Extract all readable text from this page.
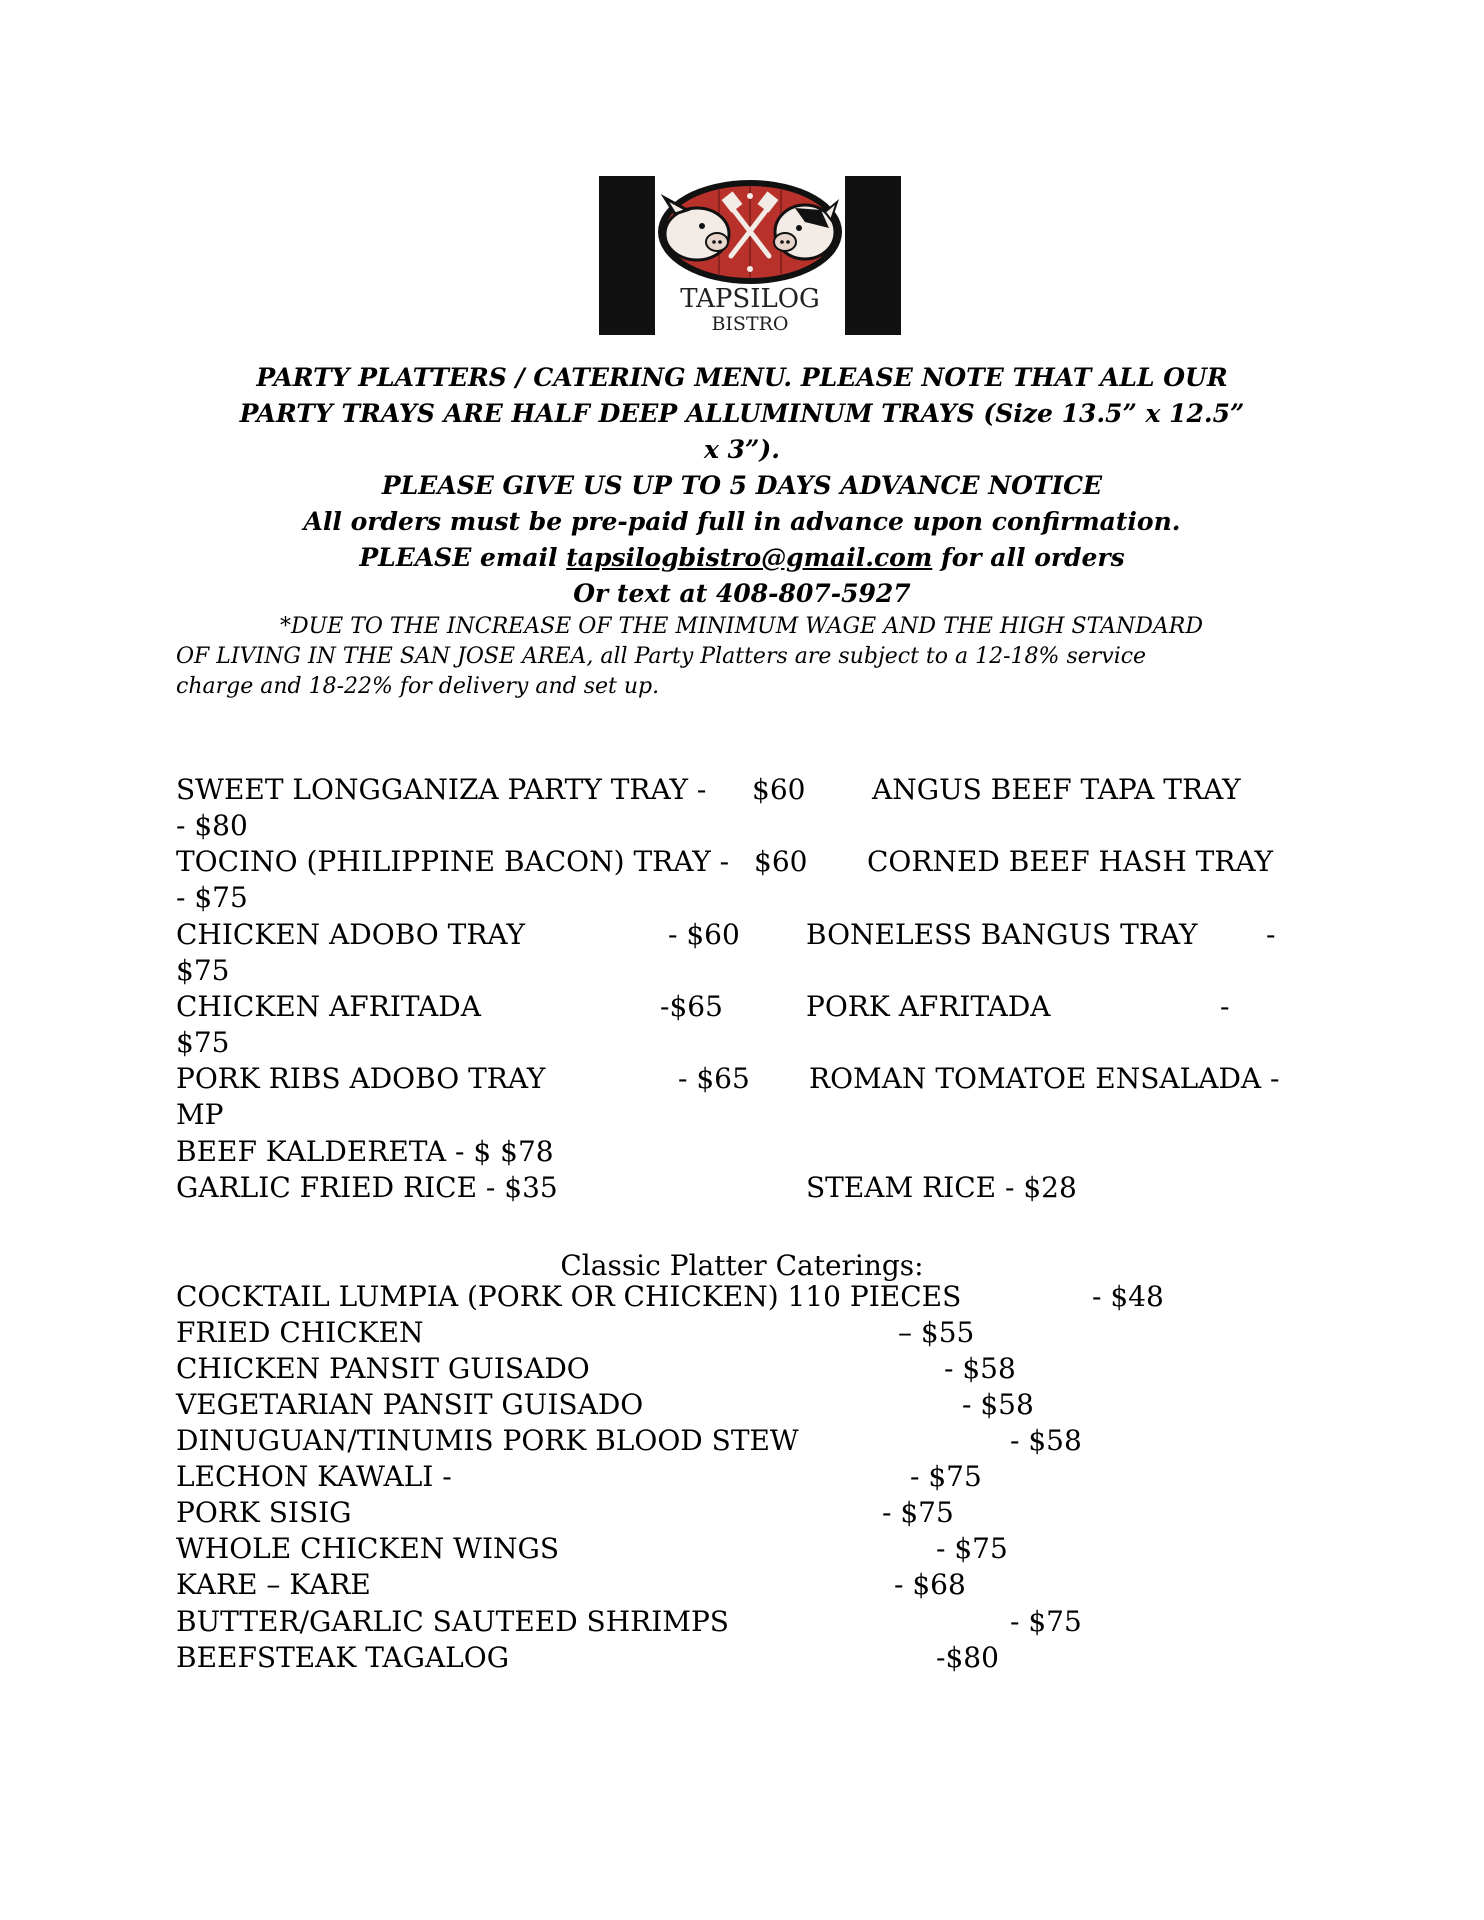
TAPSILOG
BISTRO
PARTY PLATTERS / CATERING MENU. PLEASE NOTE THAT ALL OUR
PARTY TRAYS ARE HALF DEEP ALLUMINUM TRAYS (Size 13.5” x 12.5”
x 3”).
PLEASE GIVE US UP TO 5 DAYS ADVANCE NOTICE
All orders must be pre-paid full in advance upon confirmation.
PLEASE email tapsilogbistro@gmail.com for all orders
Or text at 408-807-5927
*DUE TO THE INCREASE OF THE MINIMUM WAGE AND THE HIGH STANDARD
OF LIVING IN THE SAN JOSE AREA, all Party Platters are subject to a 12-18% service
charge and 18-22% for delivery and set up.
SWEET LONGGANIZA PARTY TRAY - $60 ANGUS BEEF TAPA TRAY
- $80
TOCINO (PHILIPPINE BACON) TRAY - $60 CORNED BEEF HASH TRAY
- $75
CHICKEN ADOBO TRAY	- $60 BONELESS BANGUS TRAY -
$75
CHICKEN AFRITADA	-$65	PORK AFRITADA	-
$75
PORK RIBS ADOBO TRAY	- $65 ROMAN TOMATOE ENSALADA -
MP
BEEF KALDERETA - $ $78
GARLIC FRIED RICE - $35	STEAM RICE - $28
Classic Platter Caterings:
COCKTAIL LUMPIA (PORK OR CHICKEN) 110 PIECES	- $48
FRIED CHICKEN	– $55
CHICKEN PANSIT GUISADO	- $58
VEGETARIAN PANSIT GUISADO	- $58
DINUGUAN/TINUMIS PORK BLOOD STEW	- $58
LECHON KAWALI -	- $75
PORK SISIG	- $75
WHOLE CHICKEN WINGS	- $75
KARE – KARE	- $68
BUTTER/GARLIC SAUTEED SHRIMPS	- $75
BEEFSTEAK TAGALOG	-$80
